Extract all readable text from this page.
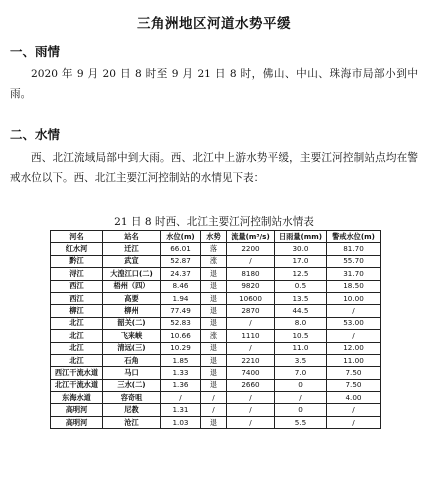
三角洲地区河道水势平缓
一、雨情
2020 年 9 月 20 日 8 时至 9 月 21 日 8 时，佛山、中山、珠海市局部小到中雨。
二、水情
西、北江流域局部中到大雨。西、北江中上游水势平缓，主要江河控制站点均在警戒水位以下。西、北江主要江河控制站的水情见下表：
21 日 8 时西、北江主要江河控制站水情表
河名	站名	水位(m)	水势	流量(m³/s)	日雨量(mm)	警戒水位(m)
红水河	迁江	66.01	落	2200	30.0	81.70
黔江	武宣	52.87	涨	/	17.0	55.70
浔江	大湟江口(二)	24.37	退	8180	12.5	31.70
西江	梧州（四）	8.46	退	9820	0.5	18.50
西江	高要	1.94	退	10600	13.5	10.00
柳江	柳州	77.49	退	2870	44.5	/
北江	韶关(二)	52.83	退	/	8.0	53.00
北江	飞来峡	10.66	涨	1110	10.5	/
北江	清远(三)	10.29	退	/	11.0	12.00
北江	石角	1.85	退	2210	3.5	11.00
西江干流水道	马口	1.33	退	7400	7.0	7.50
北江干流水道	三水(二)	1.36	退	2660	0	7.50
东海水道	容奇咀	/	/	/	/	4.00
高明河	尼教	1.31	/	/	0	/
高明河	沧江	1.03	退	/	5.5	/
